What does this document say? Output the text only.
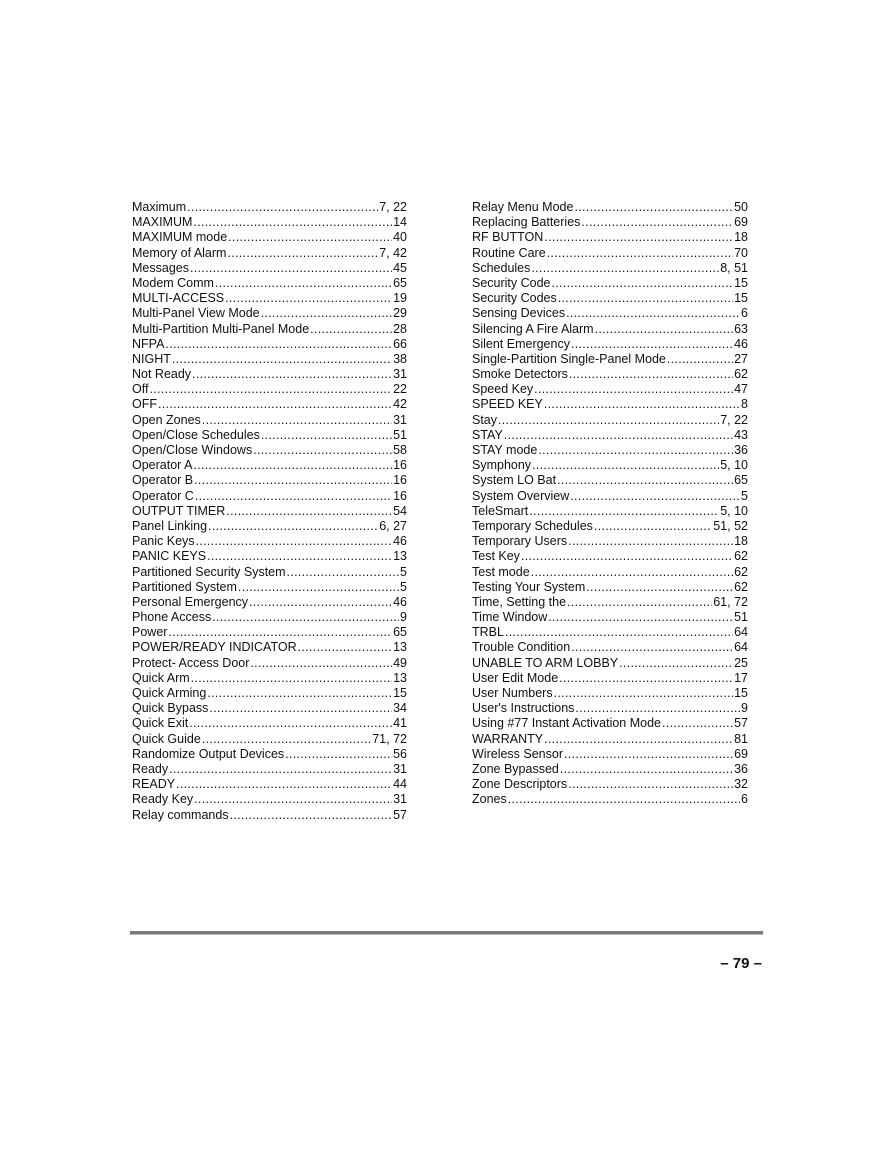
Maximum .....	7, 22
MAXIMUM .....	14
MAXIMUM mode .....	40
Memory of Alarm .....	7, 42
Messages .....	45
Modem Comm .....	65
MULTI-ACCESS .....	19
Multi-Panel View Mode .....	29
Multi-Partition Multi-Panel Mode .....	28
NFPA .....	66
NIGHT .....	38
Not Ready .....	31
Off .....	22
OFF .....	42
Open Zones .....	31
Open/Close Schedules .....	51
Open/Close Windows .....	58
Operator A .....	16
Operator B .....	16
Operator C .....	16
OUTPUT TIMER .....	54
Panel Linking .....	6, 27
Panic Keys .....	46
PANIC KEYS .....	13
Partitioned Security System .....	5
Partitioned System .....	5
Personal Emergency .....	46
Phone Access .....	9
Power .....	65
POWER/READY INDICATOR .....	13
Protect- Access Door .....	49
Quick Arm .....	13
Quick Arming .....	15
Quick Bypass .....	34
Quick Exit .....	41
Quick Guide .....	71, 72
Randomize Output Devices .....	56
Ready .....	31
READY .....	44
Ready Key .....	31
Relay commands .....	57
Relay Menu Mode .....	50
Replacing Batteries .....	69
RF BUTTON .....	18
Routine Care .....	70
Schedules .....	8, 51
Security Code .....	15
Security Codes .....	15
Sensing Devices .....	6
Silencing A Fire Alarm .....	63
Silent Emergency .....	46
Single-Partition Single-Panel Mode .....	27
Smoke Detectors .....	62
Speed Key .....	47
SPEED KEY .....	8
Stay .....	7, 22
STAY .....	43
STAY mode .....	36
Symphony .....	5, 10
System LO Bat .....	65
System Overview .....	5
TeleSmart .....	5, 10
Temporary Schedules .....	51, 52
Temporary Users .....	18
Test Key .....	62
Test mode .....	62
Testing Your System .....	62
Time, Setting the .....	61, 72
Time Window .....	51
TRBL .....	64
Trouble Condition .....	64
UNABLE TO ARM LOBBY .....	25
User Edit Mode .....	17
User Numbers .....	15
User's Instructions .....	9
Using #77 Instant Activation Mode .....	57
WARRANTY .....	81
Wireless Sensor .....	69
Zone Bypassed .....	36
Zone Descriptors .....	32
Zones .....	6
– 79 –
